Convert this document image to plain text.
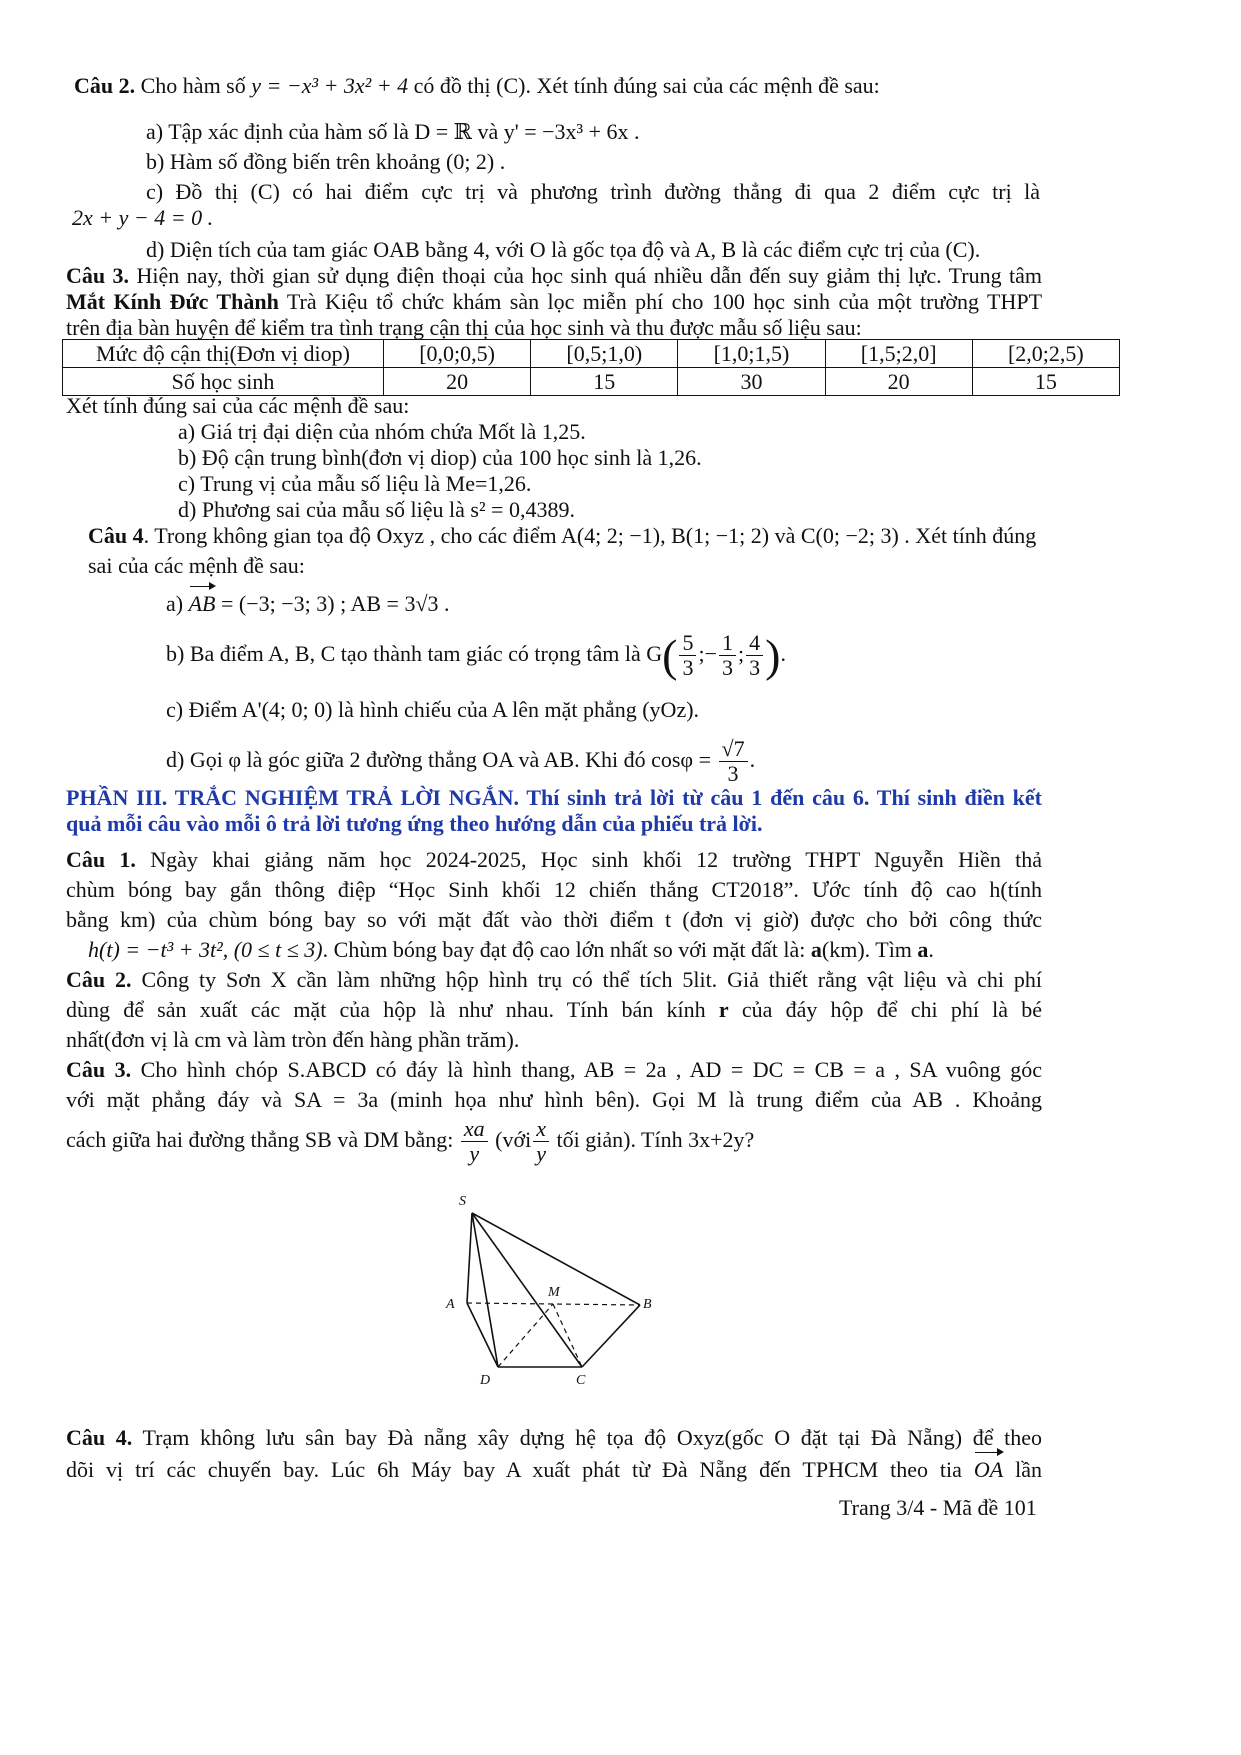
Câu 2. Cho hàm số y = −x³ + 3x² + 4 có đồ thị (C). Xét tính đúng sai của các mệnh đề sau:
a) Tập xác định của hàm số là D = ℝ và y' = −3x³ + 6x .
b) Hàm số đồng biến trên khoảng (0; 2) .
c) Đồ thị (C) có hai điểm cực trị và phương trình đường thẳng đi qua 2 điểm cực trị là
2x + y − 4 = 0 .
d) Diện tích của tam giác OAB bằng 4, với O là gốc tọa độ và A, B là các điểm cực trị của (C).
Câu 3. Hiện nay, thời gian sử dụng điện thoại của học sinh quá nhiều dẫn đến suy giảm thị lực. Trung tâm
Mắt Kính Đức Thành Trà Kiệu tổ chức khám sàn lọc miễn phí cho 100 học sinh của một trường THPT
trên địa bàn huyện để kiểm tra tình trạng cận thị của học sinh và thu được mẫu số liệu sau:
Mức độ cận thị(Đơn vị diop)	[0,0;0,5)	[0,5;1,0)	[1,0;1,5)	[1,5;2,0]	[2,0;2,5)
Số học sinh	20	15	30	20	15
Xét tính đúng sai của các mệnh đề sau:
a) Giá trị đại diện của nhóm chứa Mốt là 1,25.
b) Độ cận trung bình(đơn vị diop) của 100 học sinh là 1,26.
c) Trung vị của mẫu số liệu là Me=1,26.
d) Phương sai của mẫu số liệu là s² = 0,4389.
Câu 4. Trong không gian tọa độ Oxyz , cho các điểm A(4; 2; −1), B(1; −1; 2) và C(0; −2; 3) . Xét tính đúng
sai của các mệnh đề sau:
a) AB = (−3; −3; 3) ; AB = 3√3 .
b) Ba điểm A, B, C tạo thành tam giác có trọng tâm là $G( \frac{5}{3}$ ;− $\frac{1}{3}$ ; $\frac{4}{3}$ ).
c) Điểm A'(4; 0; 0) là hình chiếu của A lên mặt phẳng (yOz).
d) Gọi φ là góc giữa 2 đường thẳng OA và AB. Khi đó $\cos\varphi = \frac{√7}{3}$ .
PHẦN III. TRẮC NGHIỆM TRẢ LỜI NGẮN. Thí sinh trả lời từ câu 1 đến câu 6. Thí sinh điền kết
quả mỗi câu vào mỗi ô trả lời tương ứng theo hướng dẫn của phiếu trả lời.
Câu 1. Ngày khai giảng năm học 2024-2025, Học sinh khối 12 trường THPT Nguyễn Hiền thả
chùm bóng bay gắn thông điệp “Học Sinh khối 12 chiến thắng CT2018”. Ước tính độ cao h(tính
bằng km) của chùm bóng bay so với mặt đất vào thời điểm t (đơn vị giờ) được cho bởi công thức
h(t) = −t³ + 3t², (0 ≤ t ≤ 3). Chùm bóng bay đạt độ cao lớn nhất so với mặt đất là: a(km). Tìm a.
Câu 2. Công ty Sơn X cần làm những hộp hình trụ có thể tích 5lit. Giả thiết rằng vật liệu và chi phí
dùng để sản xuất các mặt của hộp là như nhau. Tính bán kính r của đáy hộp để chi phí là bé
nhất(đơn vị là cm và làm tròn đến hàng phần trăm).
Câu 3. Cho hình chóp S.ABCD có đáy là hình thang, AB = 2a , AD = DC = CB = a , SA vuông góc
với mặt phẳng đáy và SA = 3a (minh họa như hình bên). Gọi M là trung điểm của AB . Khoảng
cách giữa hai đường thẳng SB và DM bằng: $\frac{xa}{y}$ (với $\frac{x}{y}$ tối giản). Tính 3x+2y?
S
A
M
B
D	C
Câu 4. Trạm không lưu sân bay Đà nẵng xây dựng hệ tọa độ Oxyz(gốc O đặt tại Đà Nẵng) để theo
dõi vị trí các chuyến bay. Lúc 6h Máy bay A xuất phát từ Đà Nẵng đến TPHCM theo tia OA lần
Trang 3/4 - Mã đề 101
